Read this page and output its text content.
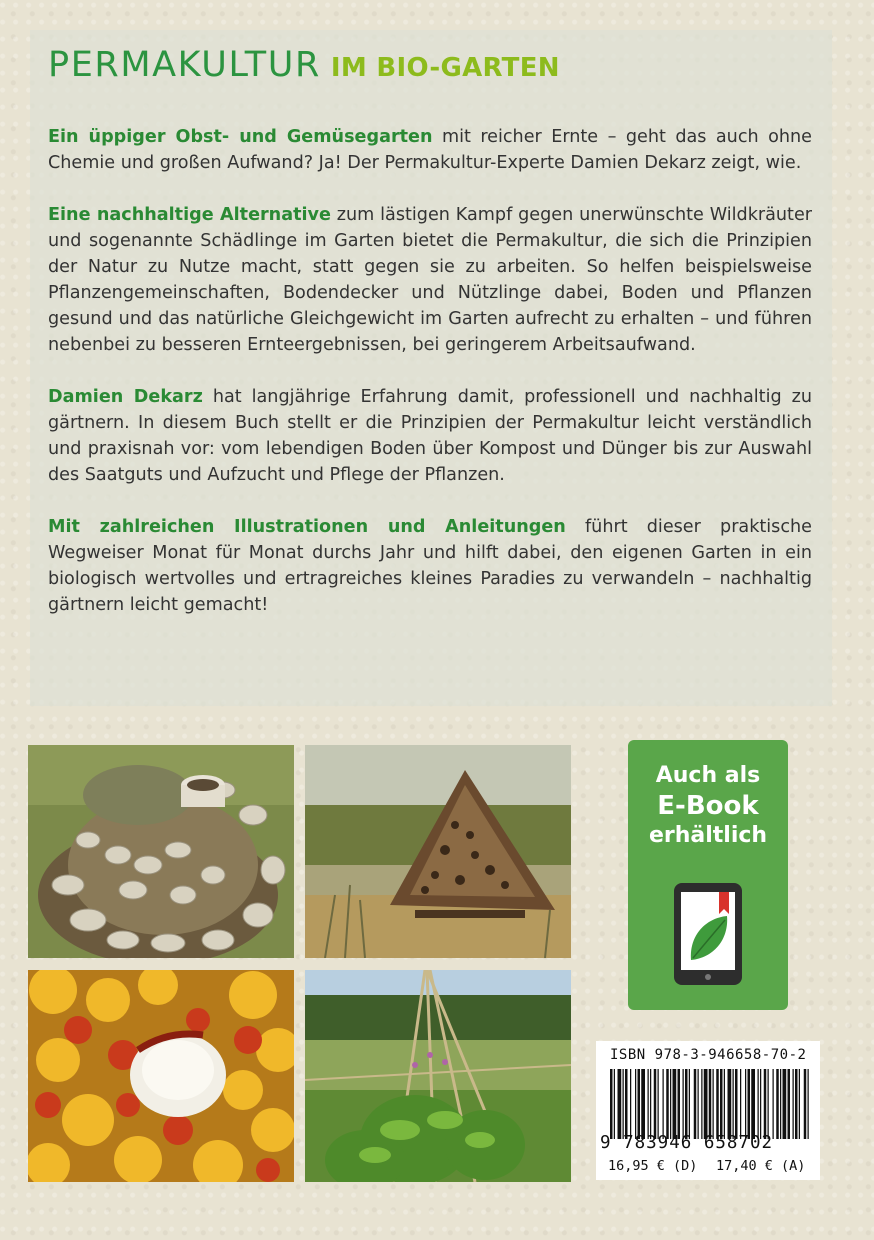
PERMAKULTUR IM BIO-GARTEN

Ein üppiger Obst- und Gemüsegarten mit reicher Ernte – geht das auch ohne Chemie und großen Aufwand? Ja! Der Permakultur-Experte Damien Dekarz zeigt, wie.

Eine nachhaltige Alternative zum lästigen Kampf gegen unerwünschte Wildkräuter und sogenannte Schädlinge im Garten bietet die Permakultur, die sich die Prinzipien der Natur zu Nutze macht, statt gegen sie zu arbeiten. So helfen beispielsweise Pflanzengemeinschaften, Bodendecker und Nützlinge dabei, Boden und Pflanzen gesund und das natürliche Gleichgewicht im Garten aufrecht zu erhalten – und führen nebenbei zu besseren Ernteergebnissen, bei geringerem Arbeitsaufwand.

Damien Dekarz hat langjährige Erfahrung damit, professionell und nachhaltig zu gärtnern. In diesem Buch stellt er die Prinzipien der Permakultur leicht verständlich und praxisnah vor: vom lebendigen Boden über Kompost und Dünger bis zur Auswahl des Saatguts und Aufzucht und Pflege der Pflanzen.

Mit zahlreichen Illustrationen und Anleitungen führt dieser praktische Wegweiser Monat für Monat durchs Jahr und hilft dabei, den eigenen Garten in ein biologisch wertvolles und ertragreiches kleines Paradies zu verwandeln – nachhaltig gärtnern leicht gemacht!

Auch als
E-Book
erhältlich
ISBN 978-3-946658-70-2
9 783946 658702
16,95 € (D) 17,40 € (A)
